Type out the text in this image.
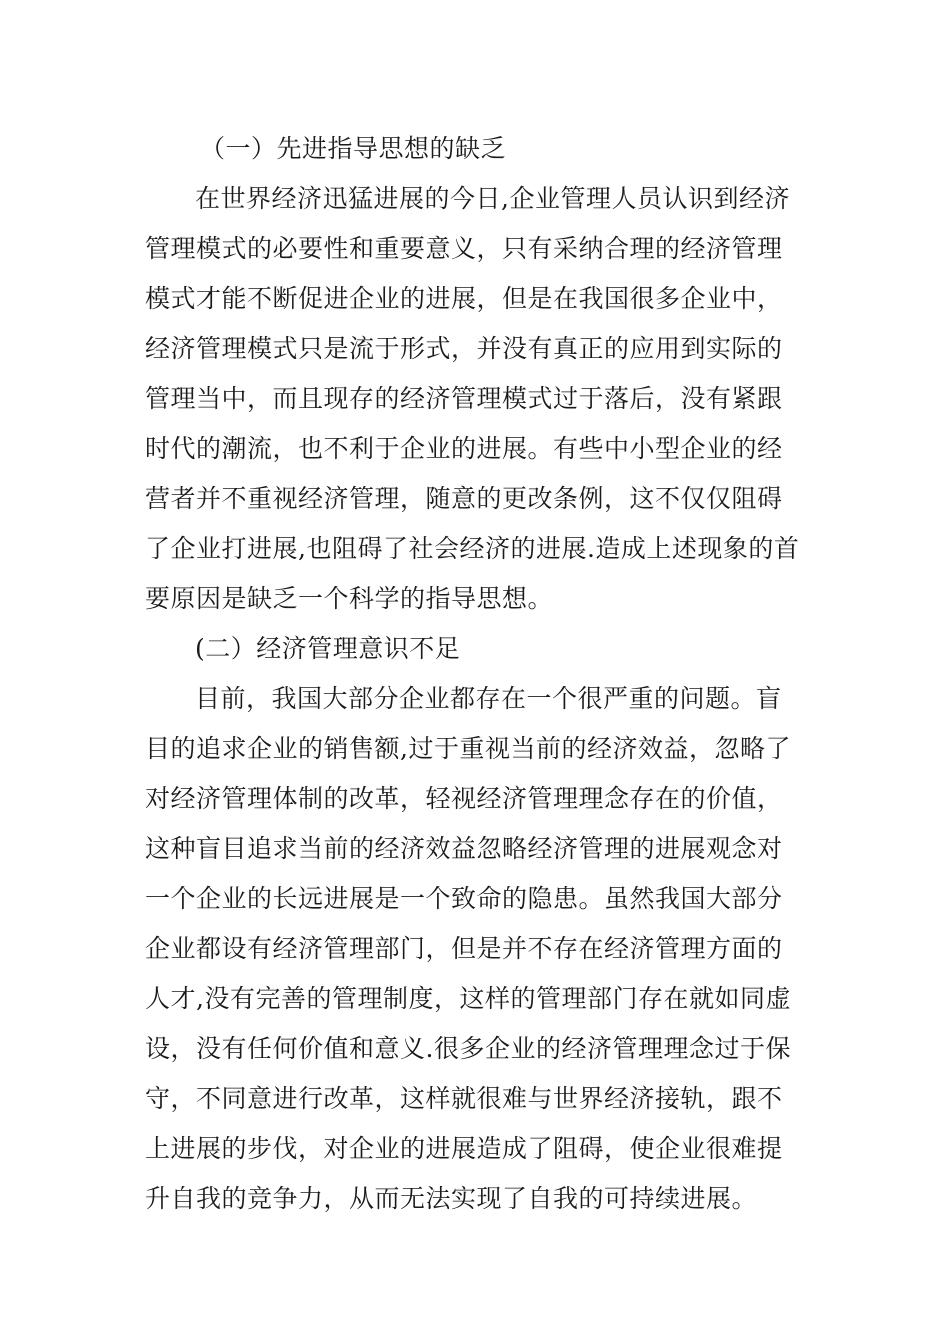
（一）先进指导思想的缺乏
在世界经济迅猛进展的今日,企业管理人员认识到经济
管理模式的必要性和重要意义，只有采纳合理的经济管理
模式才能不断促进企业的进展，但是在我国很多企业中，
经济管理模式只是流于形式，并没有真正的应用到实际的
管理当中，而且现存的经济管理模式过于落后，没有紧跟
时代的潮流，也不利于企业的进展。有些中小型企业的经
营者并不重视经济管理，随意的更改条例，这不仅仅阻碍
了企业打进展,也阻碍了社会经济的进展.造成上述现象的首
要原因是缺乏一个科学的指导思想。
(二）经济管理意识不足
目前，我国大部分企业都存在一个很严重的问题。盲
目的追求企业的销售额,过于重视当前的经济效益，忽略了
对经济管理体制的改革，轻视经济管理理念存在的价值，
这种盲目追求当前的经济效益忽略经济管理的进展观念对
一个企业的长远进展是一个致命的隐患。虽然我国大部分
企业都设有经济管理部门，但是并不存在经济管理方面的
人才,没有完善的管理制度，这样的管理部门存在就如同虚
设，没有任何价值和意义.很多企业的经济管理理念过于保
守，不同意进行改革，这样就很难与世界经济接轨，跟不
上进展的步伐，对企业的进展造成了阻碍，使企业很难提
升自我的竞争力，从而无法实现了自我的可持续进展。
